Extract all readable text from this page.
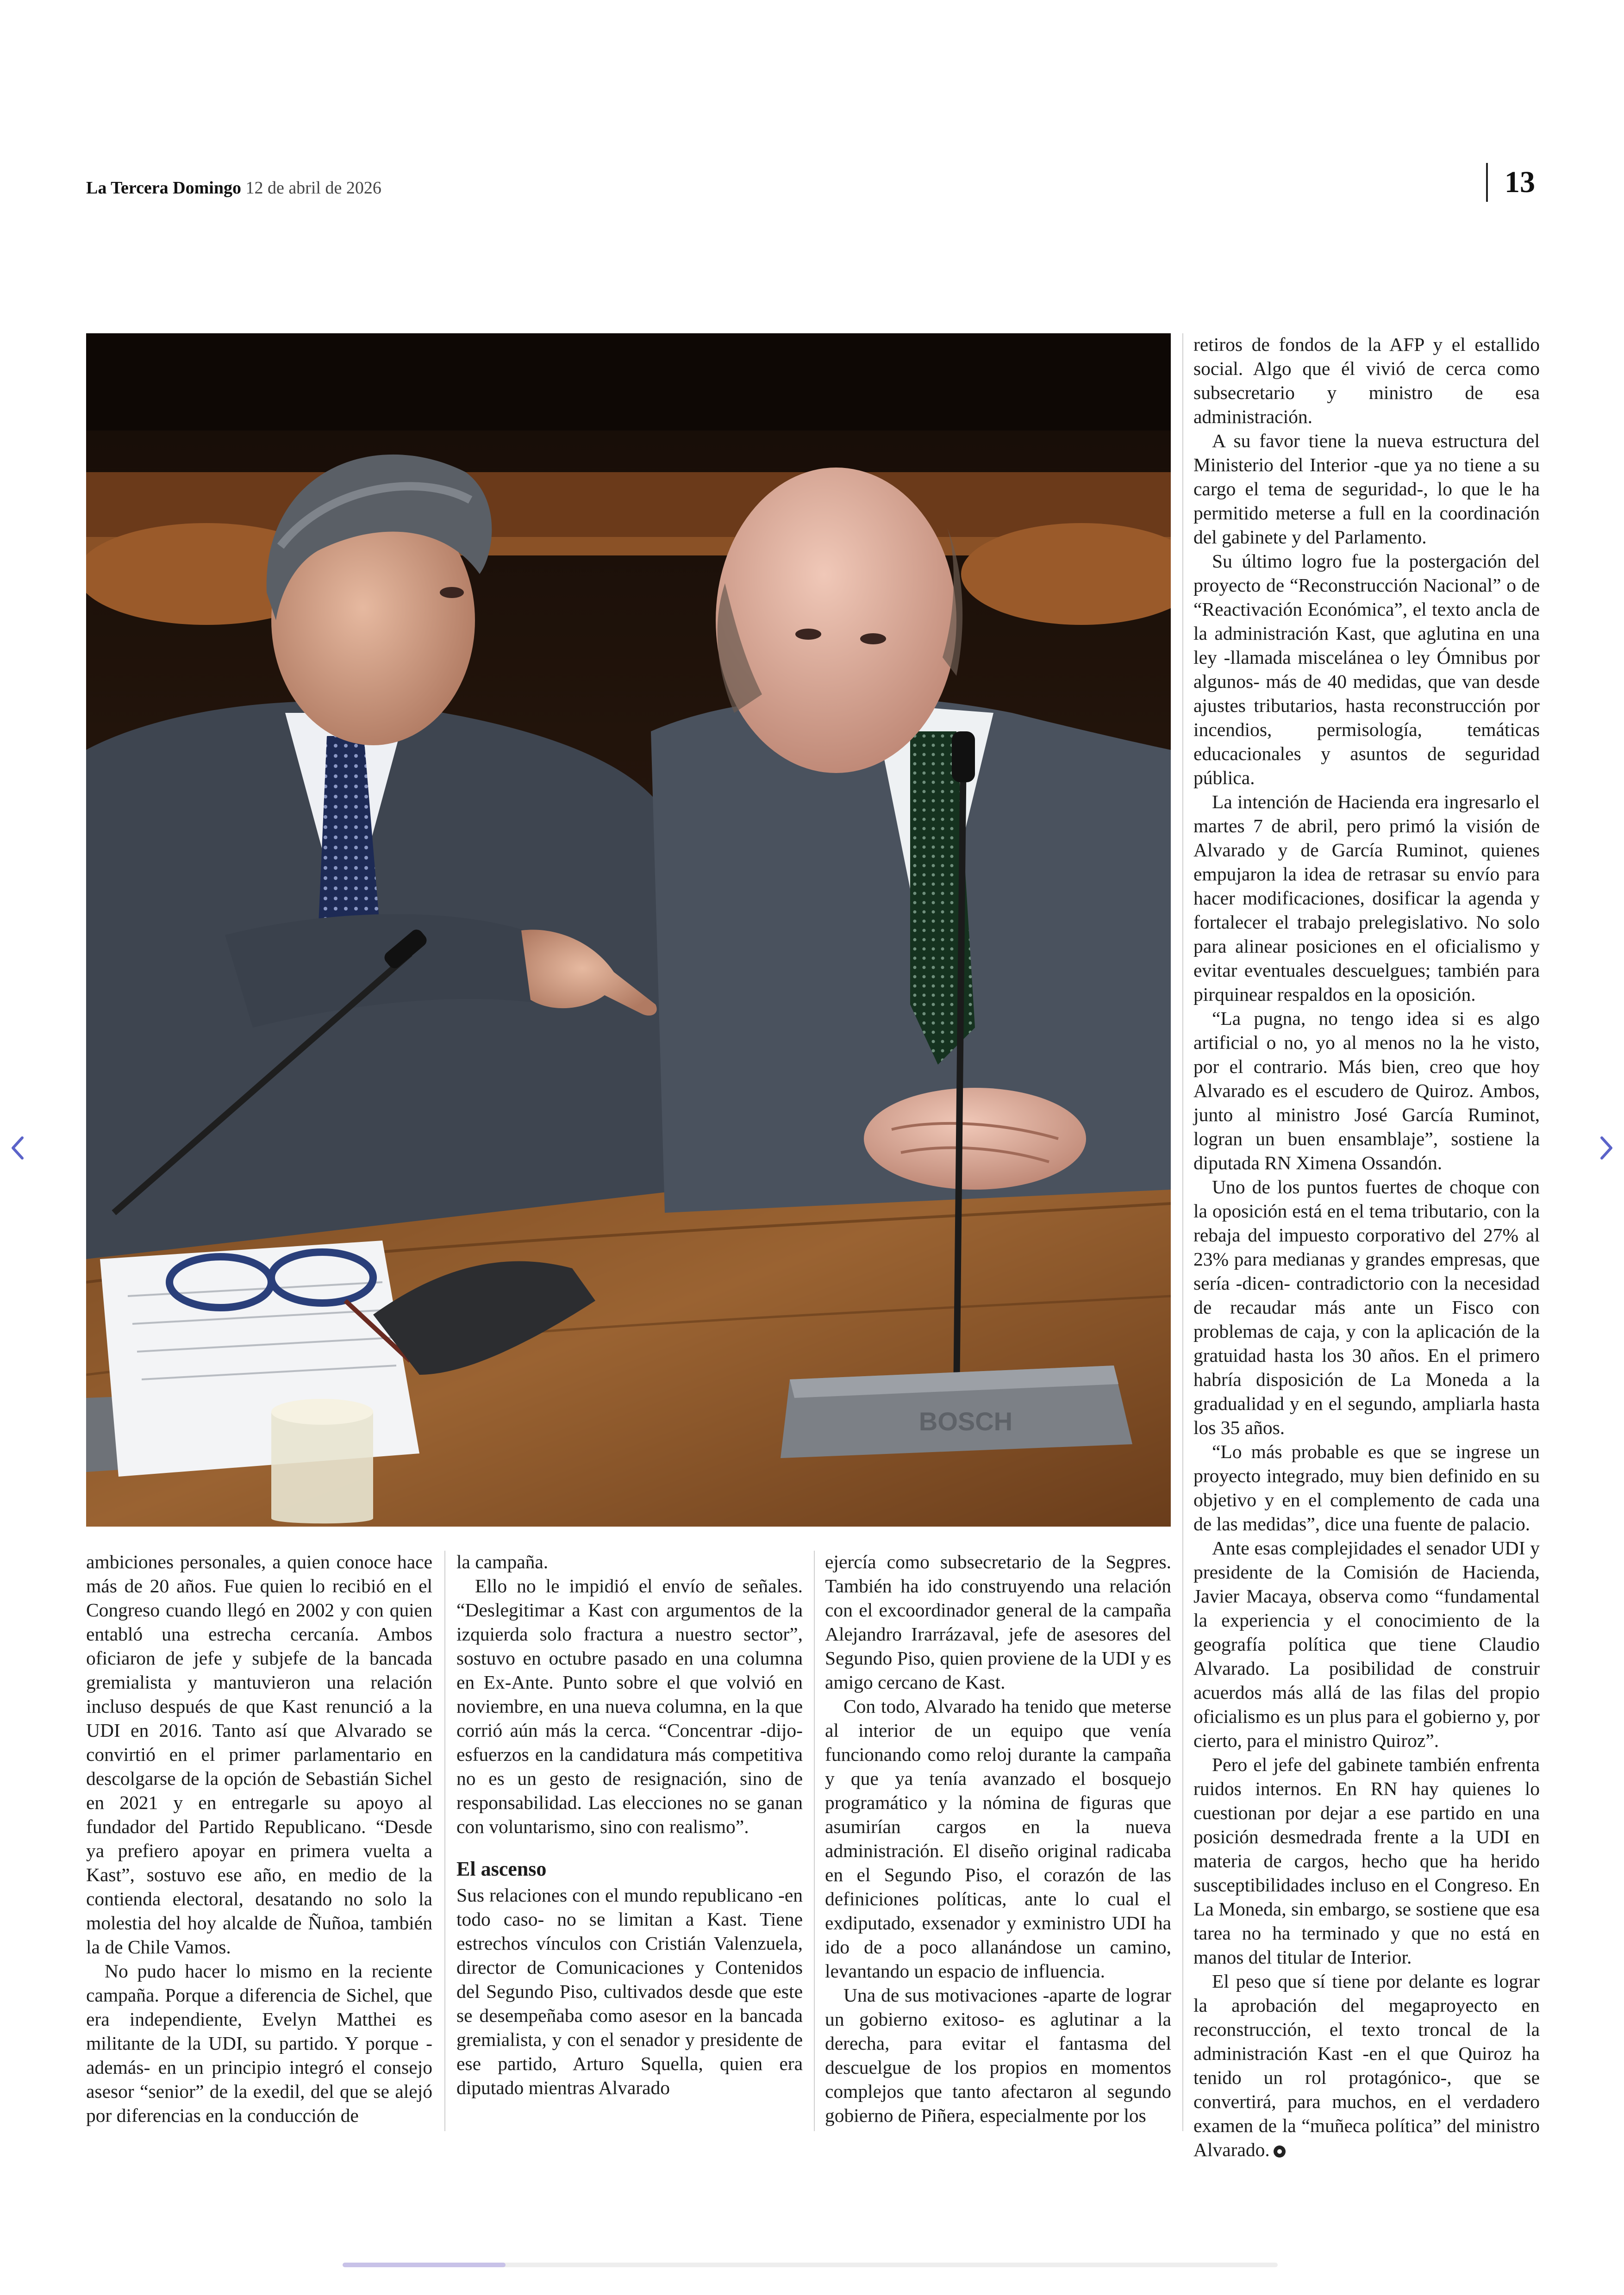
La Tercera Domingo 12 de abril de 2026	13
BOSCH

ambiciones personales, a quien conoce hace más de 20 años. Fue quien lo recibió en el Congreso cuando llegó en 2002 y con quien entabló una estrecha cercanía. Ambos oficiaron de jefe y subjefe de la bancada gremialista y mantuvieron una relación incluso después de que Kast renunció a la UDI en 2016. Tanto así que Alvarado se convirtió en el primer parlamentario en descolgarse de la opción de Sebastián Sichel en 2021 y en entregarle su apoyo al fundador del Partido Republicano. “Desde ya prefiero apoyar en primera vuelta a Kast”, sostuvo ese año, en medio de la contienda electoral, desatando no solo la molestia del hoy alcalde de Ñuñoa, también la de Chile Vamos.

No pudo hacer lo mismo en la reciente campaña. Porque a diferencia de Sichel, que era independiente, Evelyn Matthei es militante de la UDI, su partido. Y porque -además- en un principio integró el consejo asesor “senior” de la exedil, del que se alejó por diferencias en la conducción de

la campaña.

Ello no le impidió el envío de señales. “Deslegitimar a Kast con argumentos de la izquierda solo fractura a nuestro sector”, sostuvo en octubre pasado en una columna en Ex-Ante. Punto sobre el que volvió en noviembre, en una nueva columna, en la que corrió aún más la cerca. “Concentrar -dijo- esfuerzos en la candidatura más competitiva no es un gesto de resignación, sino de responsabilidad. Las elecciones no se ganan con voluntarismo, sino con realismo”.

El ascenso

Sus relaciones con el mundo republicano -en todo caso- no se limitan a Kast. Tiene estrechos vínculos con Cristián Valenzuela, director de Comunicaciones y Contenidos del Segundo Piso, cultivados desde que este se desempeñaba como asesor en la bancada gremialista, y con el senador y presidente de ese partido, Arturo Squella, quien era diputado mientras Alvarado

ejercía como subsecretario de la Segpres. También ha ido construyendo una relación con el excoordinador general de la campaña Alejandro Irarrázaval, jefe de asesores del Segundo Piso, quien proviene de la UDI y es amigo cercano de Kast.

Con todo, Alvarado ha tenido que meterse al interior de un equipo que venía funcionando como reloj durante la campaña y que ya tenía avanzado el bosquejo programático y la nómina de figuras que asumirían cargos en la nueva administración. El diseño original radicaba en el Segundo Piso, el corazón de las definiciones políticas, ante lo cual el exdiputado, exsenador y exministro UDI ha ido de a poco allanándose un camino, levantando un espacio de influencia.

Una de sus motivaciones -aparte de lograr un gobierno exitoso- es aglutinar a la derecha, para evitar el fantasma del descuelgue de los propios en momentos complejos que tanto afectaron al segundo gobierno de Piñera, especialmente por los

retiros de fondos de la AFP y el estallido social. Algo que él vivió de cerca como subsecretario y ministro de esa administración.

A su favor tiene la nueva estructura del Ministerio del Interior -que ya no tiene a su cargo el tema de seguridad-, lo que le ha permitido meterse a full en la coordinación del gabinete y del Parlamento.

Su último logro fue la postergación del proyecto de “Reconstrucción Nacional” o de “Reactivación Económica”, el texto ancla de la administración Kast, que aglutina en una ley -llamada miscelánea o ley Ómnibus por algunos- más de 40 medidas, que van desde ajustes tributarios, hasta reconstrucción por incendios, permisología, temáticas educacionales y asuntos de seguridad pública.

La intención de Hacienda era ingresarlo el martes 7 de abril, pero primó la visión de Alvarado y de García Ruminot, quienes empujaron la idea de retrasar su envío para hacer modificaciones, dosificar la agenda y fortalecer el trabajo prelegislativo. No solo para alinear posiciones en el oficialismo y evitar eventuales descuelgues; también para pirquinear respaldos en la oposición.

“La pugna, no tengo idea si es algo artificial o no, yo al menos no la he visto, por el contrario. Más bien, creo que hoy Alvarado es el escudero de Quiroz. Ambos, junto al ministro José García Ruminot, logran un buen ensamblaje”, sostiene la diputada RN Ximena Ossandón.

Uno de los puntos fuertes de choque con la oposición está en el tema tributario, con la rebaja del impuesto corporativo del 27% al 23% para medianas y grandes empresas, que sería -dicen- contradictorio con la necesidad de recaudar más ante un Fisco con problemas de caja, y con la aplicación de la gratuidad hasta los 30 años. En el primero habría disposición de La Moneda a la gradualidad y en el segundo, ampliarla hasta los 35 años.

“Lo más probable es que se ingrese un proyecto integrado, muy bien definido en su objetivo y en el complemento de cada una de las medidas”, dice una fuente de palacio.

Ante esas complejidades el senador UDI y presidente de la Comisión de Hacienda, Javier Macaya, observa como “fundamental la experiencia y el conocimiento de la geografía política que tiene Claudio Alvarado. La posibilidad de construir acuerdos más allá de las filas del propio oficialismo es un plus para el gobierno y, por cierto, para el ministro Quiroz”.

Pero el jefe del gabinete también enfrenta ruidos internos. En RN hay quienes lo cuestionan por dejar a ese partido en una posición desmedrada frente a la UDI en materia de cargos, hecho que ha herido susceptibilidades incluso en el Congreso. En La Moneda, sin embargo, se sostiene que esa tarea no ha terminado y que no está en manos del titular de Interior.

El peso que sí tiene por delante es lograr la aprobación del megaproyecto en reconstrucción, el texto troncal de la administración Kast -en el que Quiroz ha tenido un rol protagónico-, que se convertirá, para muchos, en el verdadero examen de la “muñeca política” del ministro Alvarado.
